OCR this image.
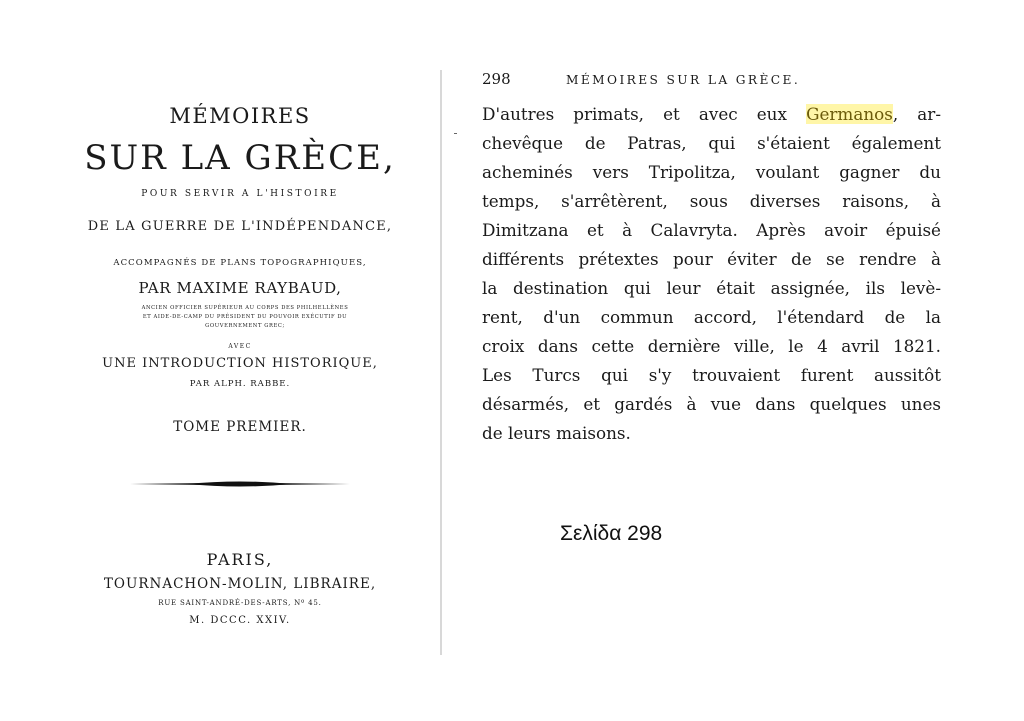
MÉMOIRES
SUR LA GRÈCE,
POUR SERVIR A L'HISTOIRE
DE LA GUERRE DE L'INDÉPENDANCE,
ACCOMPAGNÉS DE PLANS TOPOGRAPHIQUES,
PAR MAXIME RAYBAUD,
ANCIEN OFFICIER SUPÉRIEUR AU CORPS DES PHILHELLÈNES ET AIDE-DE-CAMP DU PRÉSIDENT DU POUVOIR EXÉCUTIF DU GOUVERNEMENT GREC;
AVEC
UNE INTRODUCTION HISTORIQUE,
PAR ALPH. RABBE.
TOME PREMIER.
PARIS,
TOURNACHON-MOLIN, LIBRAIRE,
RUE SAINT-ANDRÉ-DES-ARTS, Nº 45.
M. DCCC. XXIV.
298	MÉMOIRES SUR LA GRÈCE.
D'autres primats, et avec eux Germanos, ar-
chevêque de Patras, qui s'étaient également
acheminés vers Tripolitza, voulant gagner du
temps, s'arrêtèrent, sous diverses raisons, à
Dimitzana et à Calavryta. Après avoir épuisé
différents prétextes pour éviter de se rendre à
la destination qui leur était assignée, ils levè-
rent, d'un commun accord, l'étendard de la
croix dans cette dernière ville, le 4 avril 1821.
Les Turcs qui s'y trouvaient furent aussitôt
désarmés, et gardés à vue dans quelques unes
de leurs maisons.
Σελίδα 298
